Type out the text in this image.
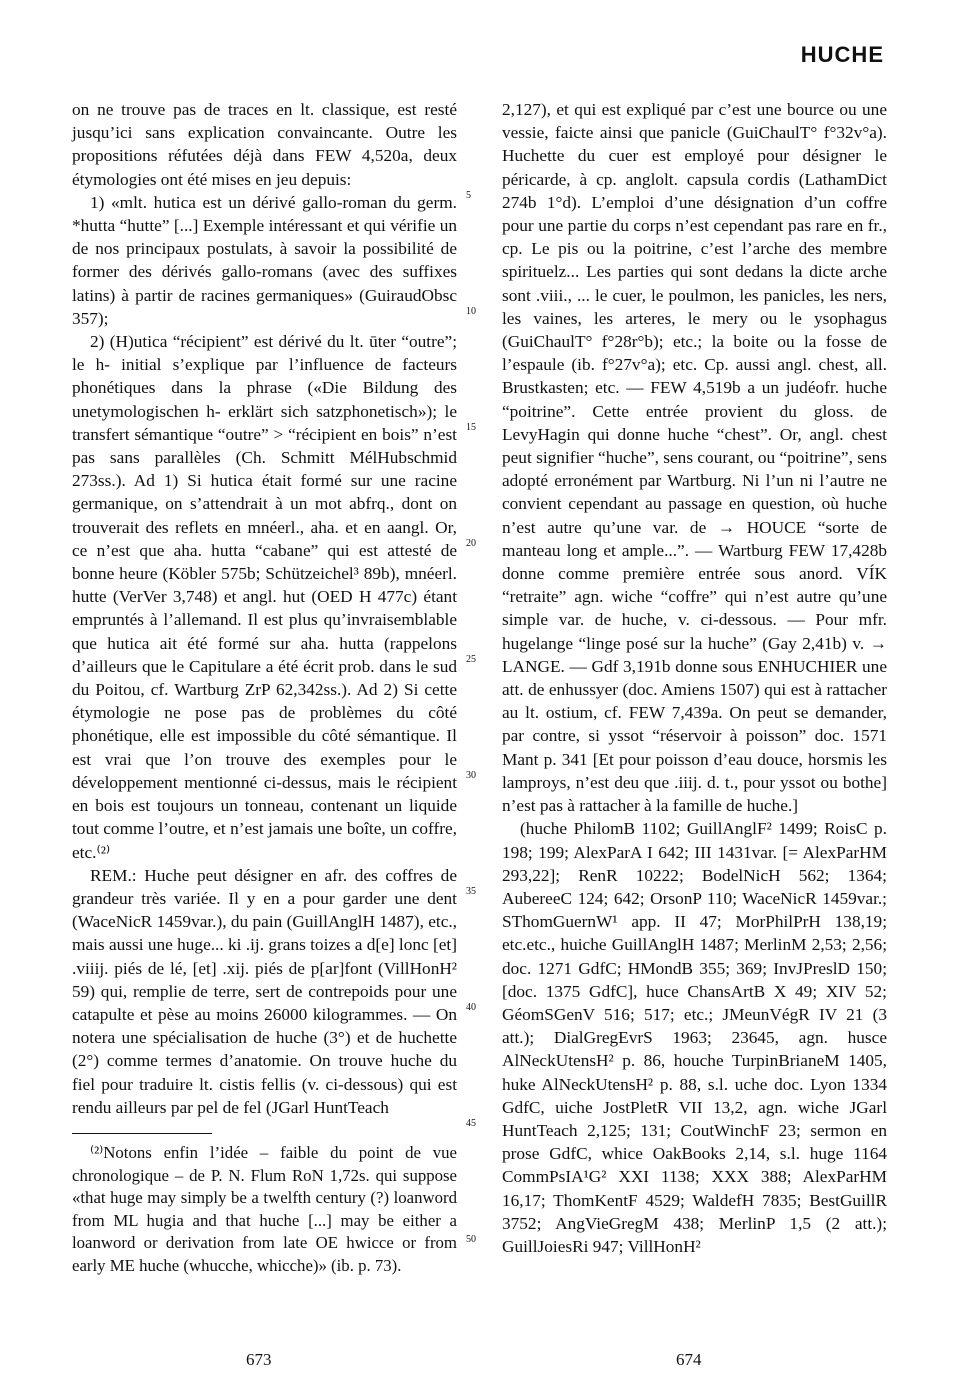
HUCHE

on ne trouve pas de traces en lt. classique, est resté jusqu’ici sans explication convaincante. Outre les propositions réfutées déjà dans FEW 4,520a, deux étymologies ont été mises en jeu depuis:

1) «mlt. hutica est un dérivé gallo-roman du germ. *hutta “hutte” [...] Exemple intéressant et qui vérifie un de nos principaux postulats, à savoir la possibilité de former des dérivés gallo-romans (avec des suffixes latins) à partir de racines germaniques» (GuiraudObsc 357);

2) (H)utica “récipient” est dérivé du lt. ūter “outre”; le h- initial s’explique par l’influence de facteurs phonétiques dans la phrase («Die Bildung des unetymologischen h- erklärt sich satzphonetisch»); le transfert sémantique “outre” > “récipient en bois” n’est pas sans parallèles (Ch. Schmitt MélHubschmid 273ss.). Ad 1) Si hutica était formé sur une racine germanique, on s’attendrait à un mot abfrq., dont on trouverait des reflets en mnéerl., aha. et en aangl. Or, ce n’est que aha. hutta “cabane” qui est attesté de bonne heure (Köbler 575b; Schützeichel³ 89b), mnéerl. hutte (VerVer 3,748) et angl. hut (OED H 477c) étant empruntés à l’allemand. Il est plus qu’invraisemblable que hutica ait été formé sur aha. hutta (rappelons d’ailleurs que le Capitulare a été écrit prob. dans le sud du Poitou, cf. Wartburg ZrP 62,342ss.). Ad 2) Si cette étymologie ne pose pas de problèmes du côté phonétique, elle est impossible du côté sémantique. Il est vrai que l’on trouve des exemples pour le développement mentionné ci-dessus, mais le récipient en bois est toujours un tonneau, contenant un liquide tout comme l’outre, et n’est jamais une boîte, un coffre, etc.⁽²⁾

REM.: Huche peut désigner en afr. des coffres de grandeur très variée. Il y en a pour garder une dent (WaceNicR 1459var.), du pain (GuillAnglH 1487), etc., mais aussi une huge... ki .ij. grans toizes a d[e] lonc [et] .viiij. piés de lé, [et] .xij. piés de p[ar]font (VillHonH² 59) qui, remplie de terre, sert de contrepoids pour une catapulte et pèse au moins 26000 kilogrammes. — On notera une spécialisation de huche (3°) et de huchette (2°) comme termes d’anatomie. On trouve huche du fiel pour traduire lt. cistis fellis (v. ci-dessous) qui est rendu ailleurs par pel de fel (JGarl HuntTeach

⁽²⁾Notons enfin l’idée – faible du point de vue chronologique – de P. N. Flum RoN 1,72s. qui suppose «that huge may simply be a twelfth century (?) loanword from ML hugia and that huche [...] may be either a loanword or derivation from late OE hwicce or from early ME huche (whucche, whicche)» (ib. p. 73).

5
10
15
20
25
30
35
40
45
50

2,127), et qui est expliqué par c’est une bource ou une vessie, faicte ainsi que panicle (GuiChaulT° f°32v°a). Huchette du cuer est employé pour désigner le péricarde, à cp. anglolt. capsula cordis (LathamDict 274b 1°d). L’emploi d’une désignation d’un coffre pour une partie du corps n’est cependant pas rare en fr., cp. Le pis ou la poitrine, c’est l’arche des membre spirituelz... Les parties qui sont dedans la dicte arche sont .viii., ... le cuer, le poulmon, les panicles, les ners, les vaines, les arteres, le mery ou le ysophagus (GuiChaulT° f°28r°b); etc.; la boite ou la fosse de l’espaule (ib. f°27v°a); etc. Cp. aussi angl. chest, all. Brustkasten; etc. — FEW 4,519b a un judéofr. huche “poitrine”. Cette entrée provient du gloss. de LevyHagin qui donne huche “chest”. Or, angl. chest peut signifier “huche”, sens courant, ou “poitrine”, sens adopté erronément par Wartburg. Ni l’un ni l’autre ne convient cependant au passage en question, où huche n’est autre qu’une var. de → HOUCE “sorte de manteau long et ample...”. — Wartburg FEW 17,428b donne comme première entrée sous anord. VÍK “retraite” agn. wiche “coffre” qui n’est autre qu’une simple var. de huche, v. ci-dessous. — Pour mfr. hugelange “linge posé sur la huche” (Gay 2,41b) v. → LANGE. — Gdf 3,191b donne sous ENHUCHIER une att. de enhussyer (doc. Amiens 1507) qui est à rattacher au lt. ostium, cf. FEW 7,439a. On peut se demander, par contre, si yssot “réservoir à poisson” doc. 1571 Mant p. 341 [Et pour poisson d’eau douce, horsmis les lamproys, n’est deu que .iiij. d. t., pour yssot ou bothe] n’est pas à rattacher à la famille de huche.]

(huche PhilomB 1102; GuillAnglF² 1499; RoisC p. 198; 199; AlexParA I 642; III 1431var. [= AlexParHM 293,22]; RenR 10222; BodelNicH 562; 1364; AubereeC 124; 642; OrsonP 110; WaceNicR 1459var.; SThomGuernW¹ app. II 47; MorPhilPrH 138,19; etc.etc., huiche GuillAnglH 1487; MerlinM 2,53; 2,56; doc. 1271 GdfC; HMondB 355; 369; InvJPreslD 150; [doc. 1375 GdfC], huce ChansArtB X 49; XIV 52; GéomSGenV 516; 517; etc.; JMeunVégR IV 21 (3 att.); DialGregEvrS 1963; 23645, agn. husce AlNeckUtensH² p. 86, houche TurpinBrianeM 1405, huke AlNeckUtensH² p. 88, s.l. uche doc. Lyon 1334 GdfC, uiche JostPletR VII 13,2, agn. wiche JGarl HuntTeach 2,125; 131; CoutWinchF 23; sermon en prose GdfC, whice OakBooks 2,14, s.l. huge 1164 CommPsIA¹G² XXI 1138; XXX 388; AlexParHM 16,17; ThomKentF 4529; WaldefH 7835; BestGuillR 3752; AngVieGregM 438; MerlinP 1,5 (2 att.); GuillJoiesRi 947; VillHonH²

673	674
